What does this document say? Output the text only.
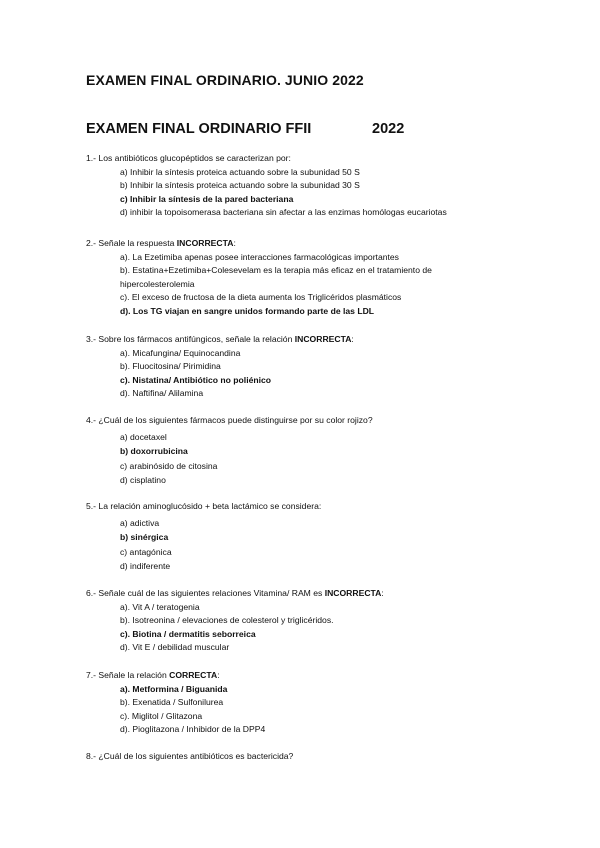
EXAMEN FINAL ORDINARIO. JUNIO 2022
EXAMEN FINAL ORDINARIO FFII	2022
1.- Los antibióticos glucopéptidos se caracterizan por:
a) Inhibir la síntesis proteica actuando sobre la subunidad 50 S
b) Inhibir la síntesis proteica actuando sobre la subunidad 30 S
c) Inhibir la síntesis de la pared bacteriana
d) inhibir la topoisomerasa bacteriana sin afectar a las enzimas homólogas eucariotas
2.- Señale la respuesta INCORRECTA:
a). La Ezetimiba apenas posee interacciones farmacológicas importantes
b). Estatina+Ezetimiba+Colesevelam es la terapia más eficaz en el tratamiento de hipercolesterolemia
c). El exceso de fructosa de la dieta aumenta los Triglicéridos plasmáticos
d). Los TG viajan en sangre unidos formando parte de las LDL
3.- Sobre los fármacos antifúngicos, señale la relación INCORRECTA:
a). Micafungina/ Equinocandina
b). Fluocitosina/ Pirimidina
c). Nistatina/ Antibiótico no poliénico
d). Naftifina/ Alilamina
4.- ¿Cuál de los siguientes fármacos puede distinguirse por su color rojizo?
a) docetaxel
b) doxorrubicina
c) arabinósido de citosina
d) cisplatino
5.- La relación aminoglucósido + beta lactámico se considera:
a) adictiva
b) sinérgica
c) antagónica
d) indiferente
6.- Señale cuál de las siguientes relaciones Vitamina/ RAM es INCORRECTA:
a). Vit A / teratogenia
b). Isotreonina / elevaciones de colesterol y triglicéridos.
c). Biotina / dermatitis seborreica
d). Vit E / debilidad muscular
7.- Señale la relación CORRECTA:
a). Metformina / Biguanida
b). Exenatida / Sulfonilurea
c). Miglitol / Glitazona
d). Pioglitazona / Inhibidor de la DPP4
8.- ¿Cuál de los siguientes antibióticos es bactericida?
